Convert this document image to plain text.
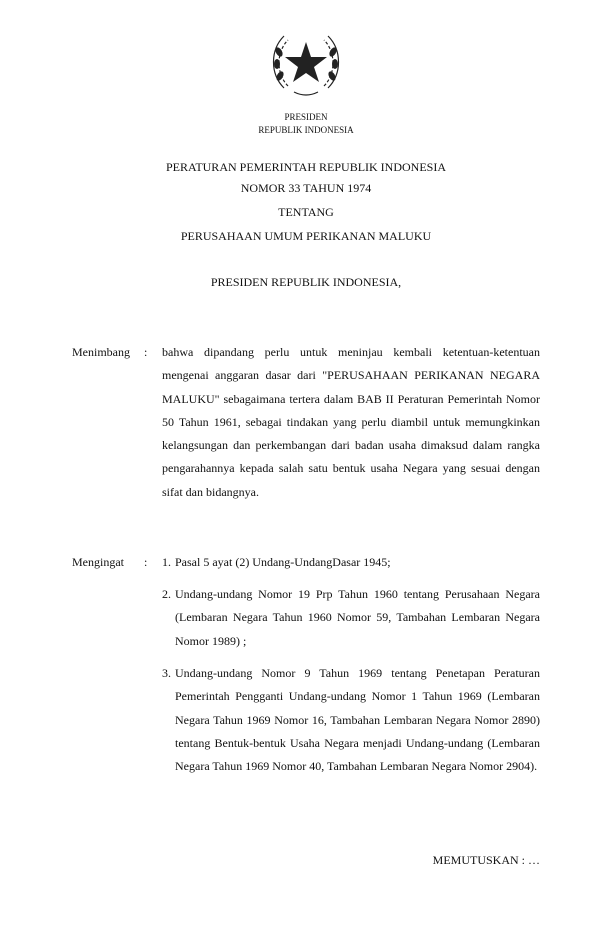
PRESIDEN
REPUBLIK INDONESIA
PERATURAN PEMERINTAH REPUBLIK INDONESIA
NOMOR 33 TAHUN 1974
TENTANG
PERUSAHAAN UMUM PERIKANAN MALUKU
PRESIDEN REPUBLIK INDONESIA,
Menimbang : bahwa dipandang perlu untuk meninjau kembali ketentuan-ketentuan mengenai anggaran dasar dari "PERUSAHAAN PERIKANAN NEGARA MALUKU" sebagaimana tertera dalam BAB II Peraturan Pemerintah Nomor 50 Tahun 1961, sebagai tindakan yang perlu diambil untuk memungkinkan kelangsungan dan perkembangan dari badan usaha dimaksud dalam rangka pengarahannya kepada salah satu bentuk usaha Negara yang sesuai dengan sifat dan bidangnya.
Mengingat : 1. Pasal 5 ayat (2) Undang-UndangDasar 1945;
2. Undang-undang Nomor 19 Prp Tahun 1960 tentang Perusahaan Negara (Lembaran Negara Tahun 1960 Nomor 59, Tambahan Lembaran Negara Nomor 1989) ;
3. Undang-undang Nomor 9 Tahun 1969 tentang Penetapan Peraturan Pemerintah Pengganti Undang-undang Nomor 1 Tahun 1969 (Lembaran Negara Tahun 1969 Nomor 16, Tambahan Lembaran Negara Nomor 2890) tentang Bentuk-bentuk Usaha Negara menjadi Undang-undang (Lembaran Negara Tahun 1969 Nomor 40, Tambahan Lembaran Negara Nomor 2904).
MEMUTUSKAN : …
